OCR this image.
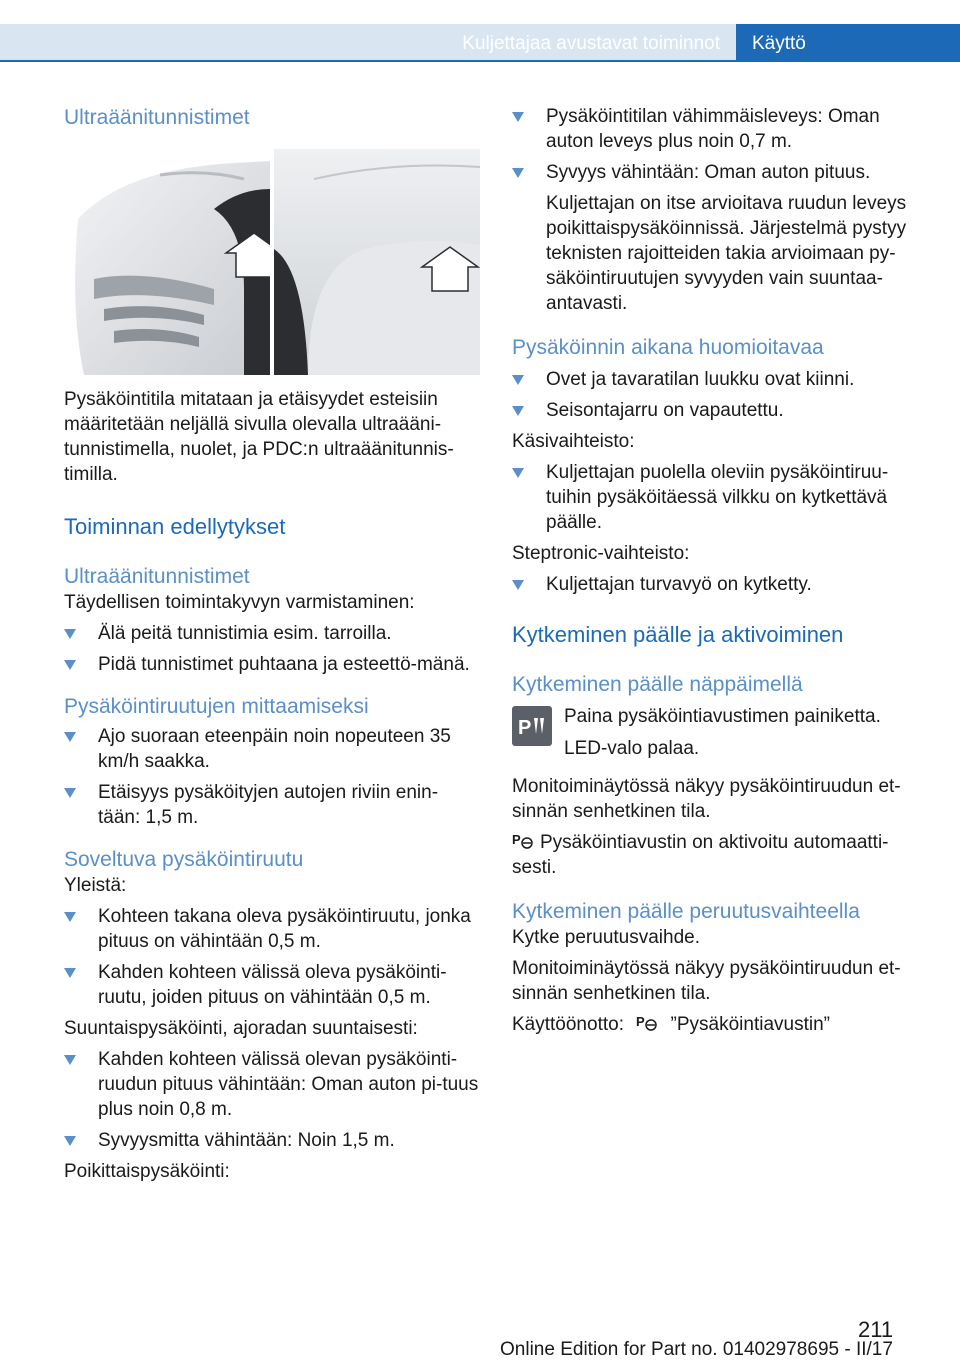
Kuljettajaa avustavat toiminnot Käyttö
Ultraäänitunnistimet

Pysäköintitila mitataan ja etäisyydet esteisiin määritetään neljällä sivulla olevalla ultraääni-tunnistimella, nuolet, ja PDC:n ultraäänitunnis-timilla.

Toiminnan edellytykset
Ultraäänitunnistimet

Täydellisen toimintakyvyn varmistaminen:

Älä peitä tunnistimia esim. tarroilla.
Pidä tunnistimet puhtaana ja esteettö-mänä.
Pysäköintiruutujen mittaamiseksi
Ajo suoraan eteenpäin noin nopeuteen 35 km/h saakka.
Etäisyys pysäköityjen autojen riviin enin-tään: 1,5 m.
Soveltuva pysäköintiruutu

Yleistä:

Kohteen takana oleva pysäköintiruutu, jonka pituus on vähintään 0,5 m.
Kahden kohteen välissä oleva pysäköinti-ruutu, joiden pituus on vähintään 0,5 m.

Suuntaispysäköinti, ajoradan suuntaisesti:

Kahden kohteen välissä olevan pysäköinti-ruudun pituus vähintään: Oman auton pi-tuus plus noin 0,8 m.
Syvyysmitta vähintään: Noin 1,5 m.

Poikittaispysäköinti:

Pysäköintitilan vähimmäisleveys: Oman auton leveys plus noin 0,7 m.
Syvyys vähintään: Oman auton pituus.

Kuljettajan on itse arvioitava ruudun leveys poikittaispysäköinnissä. Järjestelmä pystyy teknisten rajoitteiden takia arvioimaan py-säköintiruutujen syvyyden vain suuntaa-antavasti.

Pysäköinnin aikana huomioitavaa
Ovet ja tavaratilan luukku ovat kiinni.
Seisontajarru on vapautettu.

Käsivaihteisto:

Kuljettajan puolella oleviin pysäköintiruu-tuihin pysäköitäessä vilkku on kytkettävä päälle.

Steptronic-vaihteisto:

Kuljettajan turvavyö on kytketty.
Kytkeminen päälle ja aktivoiminen
Kytkeminen päälle näppäimellä
P

Paina pysäköintiavustimen painiketta.

LED-valo palaa.

Monitoiminäytössä näkyy pysäköintiruudun et-sinnän senhetkinen tila.

P Pysäköintiavustin on aktivoitu automaatti-sesti.

Kytkeminen päälle peruutusvaihteella

Kytke peruutusvaihde.

Monitoiminäytössä näkyy pysäköintiruudun et-sinnän senhetkinen tila.

Käyttöönotto: P ”Pysäköintiavustin”

211
Online Edition for Part no. 01402978695 - II/17
